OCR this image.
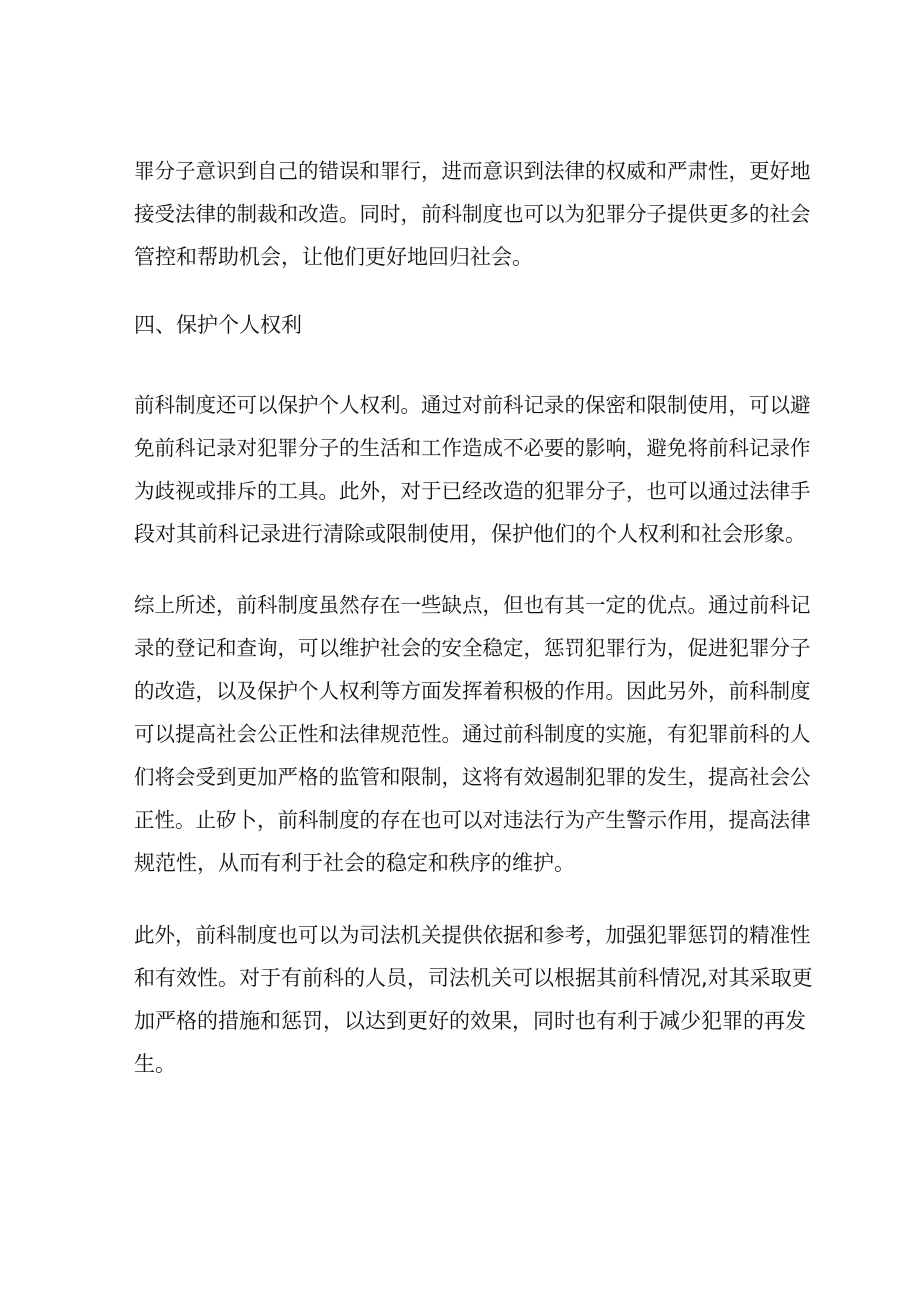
罪分子意识到自己的错误和罪行，进而意识到法律的权威和严肃性，更好地
接受法律的制裁和改造。同时，前科制度也可以为犯罪分子提供更多的社会
管控和帮助机会，让他们更好地回归社会。
四、保护个人权利
前科制度还可以保护个人权利。通过对前科记录的保密和限制使用，可以避
免前科记录对犯罪分子的生活和工作造成不必要的影响，避免将前科记录作
为歧视或排斥的工具。此外，对于已经改造的犯罪分子，也可以通过法律手
段对其前科记录进行清除或限制使用，保护他们的个人权利和社会形象。
综上所述，前科制度虽然存在一些缺点，但也有其一定的优点。通过前科记
录的登记和查询，可以维护社会的安全稳定，惩罚犯罪行为，促进犯罪分子
的改造，以及保护个人权利等方面发挥着积极的作用。因此另外，前科制度
可以提高社会公正性和法律规范性。通过前科制度的实施，有犯罪前科的人
们将会受到更加严格的监管和限制，这将有效遏制犯罪的发生，提高社会公
正性。止矽卜，前科制度的存在也可以对违法行为产生警示作用，提高法律
规范性，从而有利于社会的稳定和秩序的维护。
此外，前科制度也可以为司法机关提供依据和参考，加强犯罪惩罚的精准性
和有效性。对于有前科的人员，司法机关可以根据其前科情况,对其采取更
加严格的措施和惩罚，以达到更好的效果，同时也有利于减少犯罪的再发
生。
